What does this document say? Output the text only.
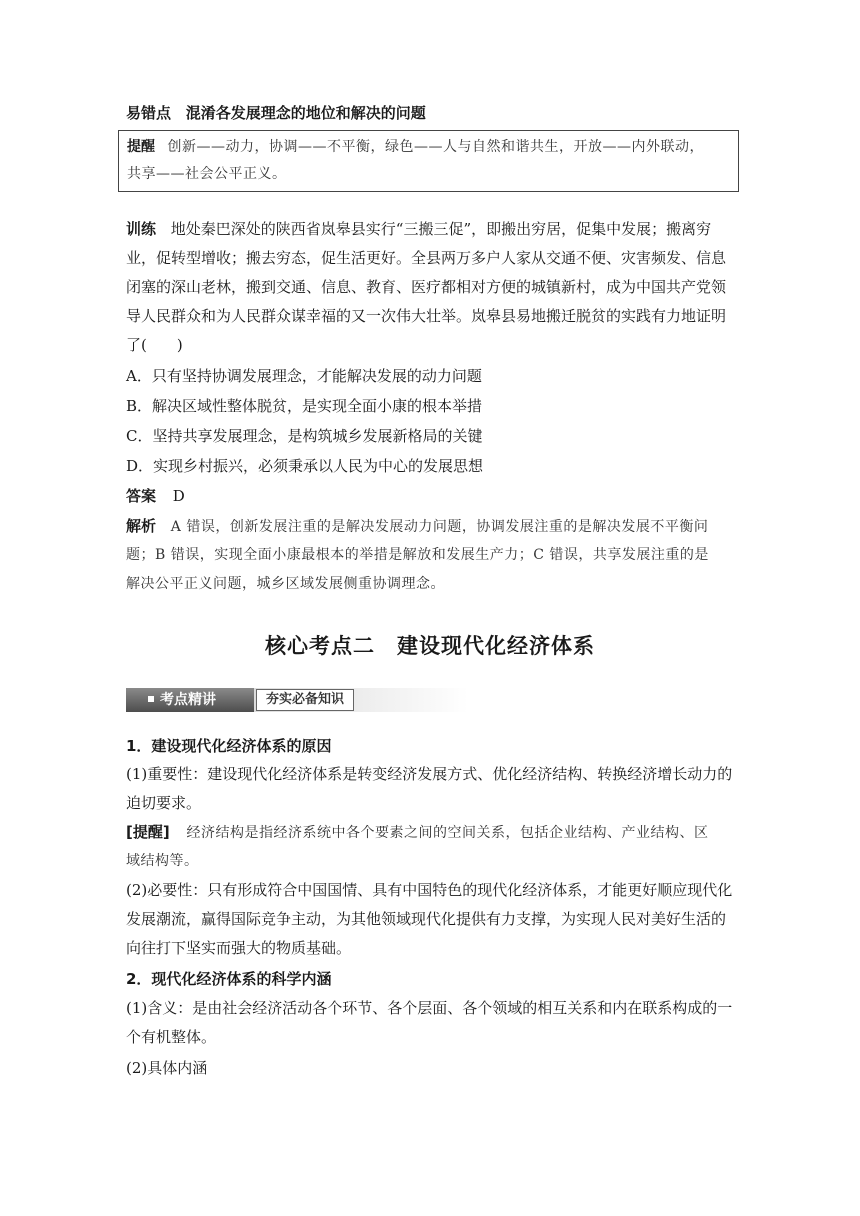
易错点 混淆各发展理念的地位和解决的问题
提醒 创新——动力，协调——不平衡，绿色——人与自然和谐共生，开放——内外联动，
共享——社会公平正义。
训练 地处秦巴深处的陕西省岚皋县实行“三搬三促”，即搬出穷居，促集中发展；搬离穷
业，促转型增收；搬去穷态，促生活更好。全县两万多户人家从交通不便、灾害频发、信息
闭塞的深山老林，搬到交通、信息、教育、医疗都相对方便的城镇新村，成为中国共产党领
导人民群众和为人民群众谋幸福的又一次伟大壮举。岚皋县易地搬迁脱贫的实践有力地证明
了(　　)
A．只有坚持协调发展理念，才能解决发展的动力问题
B．解决区域性整体脱贫，是实现全面小康的根本举措
C．坚持共享发展理念，是构筑城乡发展新格局的关键
D．实现乡村振兴，必须秉承以人民为中心的发展思想
答案 D
解析 A 错误，创新发展注重的是解决发展动力问题，协调发展注重的是解决发展不平衡问
题；B 错误，实现全面小康最根本的举措是解放和发展生产力；C 错误，共享发展注重的是
解决公平正义问题，城乡区域发展侧重协调理念。
核心考点二　建设现代化经济体系
考点精讲	夯实必备知识
1．建设现代化经济体系的原因
(1)重要性：建设现代化经济体系是转变经济发展方式、优化经济结构、转换经济增长动力的
迫切要求。
[提醒] 经济结构是指经济系统中各个要素之间的空间关系，包括企业结构、产业结构、区
域结构等。
(2)必要性：只有形成符合中国国情、具有中国特色的现代化经济体系，才能更好顺应现代化
发展潮流，赢得国际竞争主动，为其他领域现代化提供有力支撑，为实现人民对美好生活的
向往打下坚实而强大的物质基础。
2．现代化经济体系的科学内涵
(1)含义：是由社会经济活动各个环节、各个层面、各个领域的相互关系和内在联系构成的一
个有机整体。
(2)具体内涵
